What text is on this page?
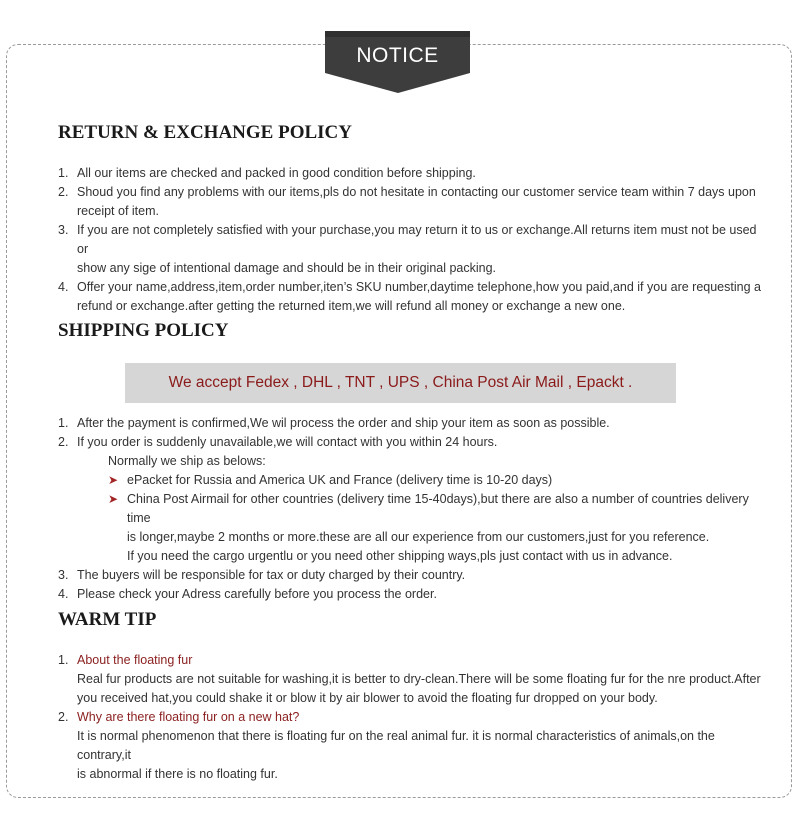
NOTICE
RETURN & EXCHANGE POLICY
1. All our items are checked and packed in good condition before shipping.
2. Shoud you find any problems with our items,pls do not hesitate in contacting our customer service team within 7 days upon
receipt of item.
3. If you are not completely satisfied with your purchase,you may return it to us or exchange.All returns item must not be used or
show any sige of intentional damage and should be in their original packing.
4. Offer your name,address,item,order number,iten’s SKU number,daytime telephone,how you paid,and if you are requesting a
refund or exchange.after getting the returned item,we will refund all money or exchange a new one.
SHIPPING POLICY
We accept Fedex , DHL , TNT , UPS , China Post Air Mail , Epackt .
1. After the payment is confirmed,We wil process the order and ship your item as soon as possible.
2. If you order is suddenly unavailable,we will contact with you within 24 hours.
Normally we ship as belows:
➤ ePacket for Russia and America UK and France (delivery time is 10-20 days)
➤ China Post Airmail for other countries (delivery time 15-40days),but there are also a number of countries delivery time
is longer,maybe 2 months or more.these are all our experience from our customers,just for you reference.
If you need the cargo urgentlu or you need other shipping ways,pls just contact with us in advance.
3. The buyers will be responsible for tax or duty charged by their country.
4. Please check your Adress carefully before you process the order.
WARM TIP
1. About the floating fur
Real fur products are not suitable for washing,it is better to dry-clean.There will be some floating fur for the nre product.After
you received hat,you could shake it or blow it by air blower to avoid the floating fur dropped on your body.
2. Why are there floating fur on a new hat?
It is normal phenomenon that there is floating fur on the real animal fur. it is normal characteristics of animals,on the contrary,it
is abnormal if there is no floating fur.
